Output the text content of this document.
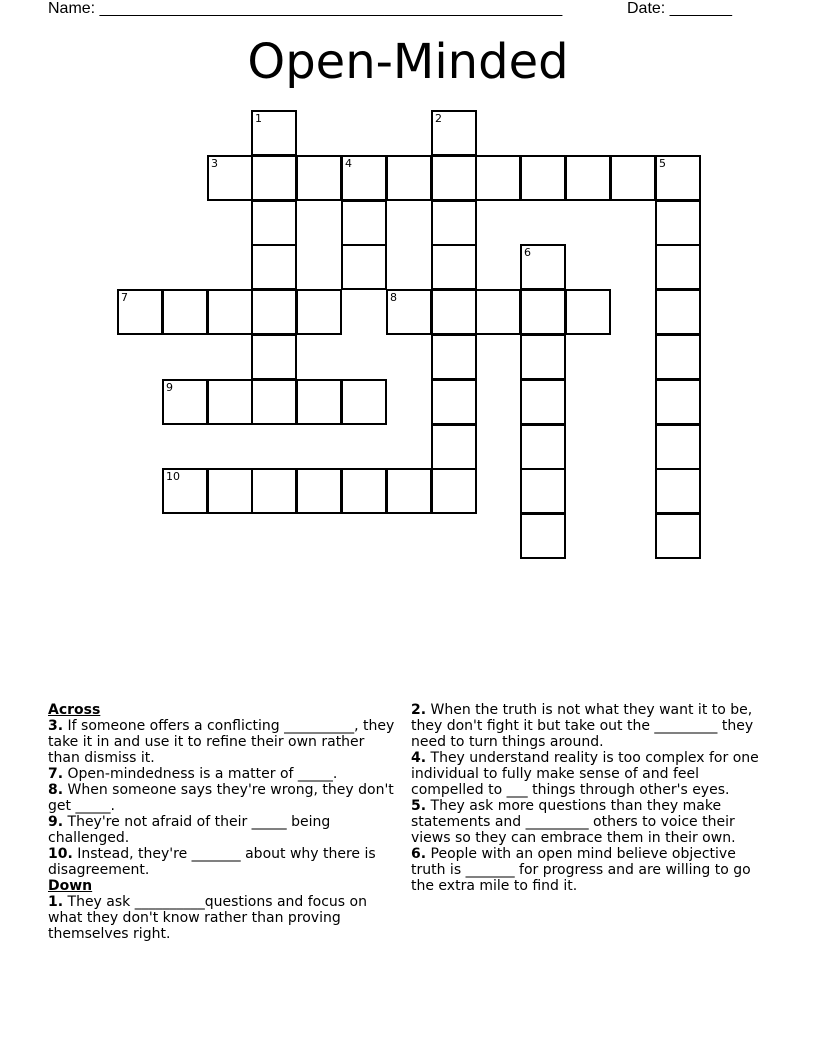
Name: ____________________________________________________	Date: _______
Open-Minded
1	2
3	4	5
6
7	8
9
10

Across

3. If someone offers a conflicting __________, they take it in and use it to refine their own rather than dismiss it.

7. Open-mindedness is a matter of _____.

8. When someone says they're wrong, they don't get _____.

9. They're not afraid of their _____ being challenged.

10. Instead, they're _______ about why there is disagreement.

Down

1. They ask __________questions and focus on what they don't know rather than proving themselves right.

2. When the truth is not what they want it to be, they don't fight it but take out the _________ they need to turn things around.

4. They understand reality is too complex for one individual to fully make sense of and feel compelled to ___ things through other's eyes.

5. They ask more questions than they make statements and _________ others to voice their views so they can embrace them in their own.

6. People with an open mind believe objective truth is _______ for progress and are willing to go the extra mile to find it.
